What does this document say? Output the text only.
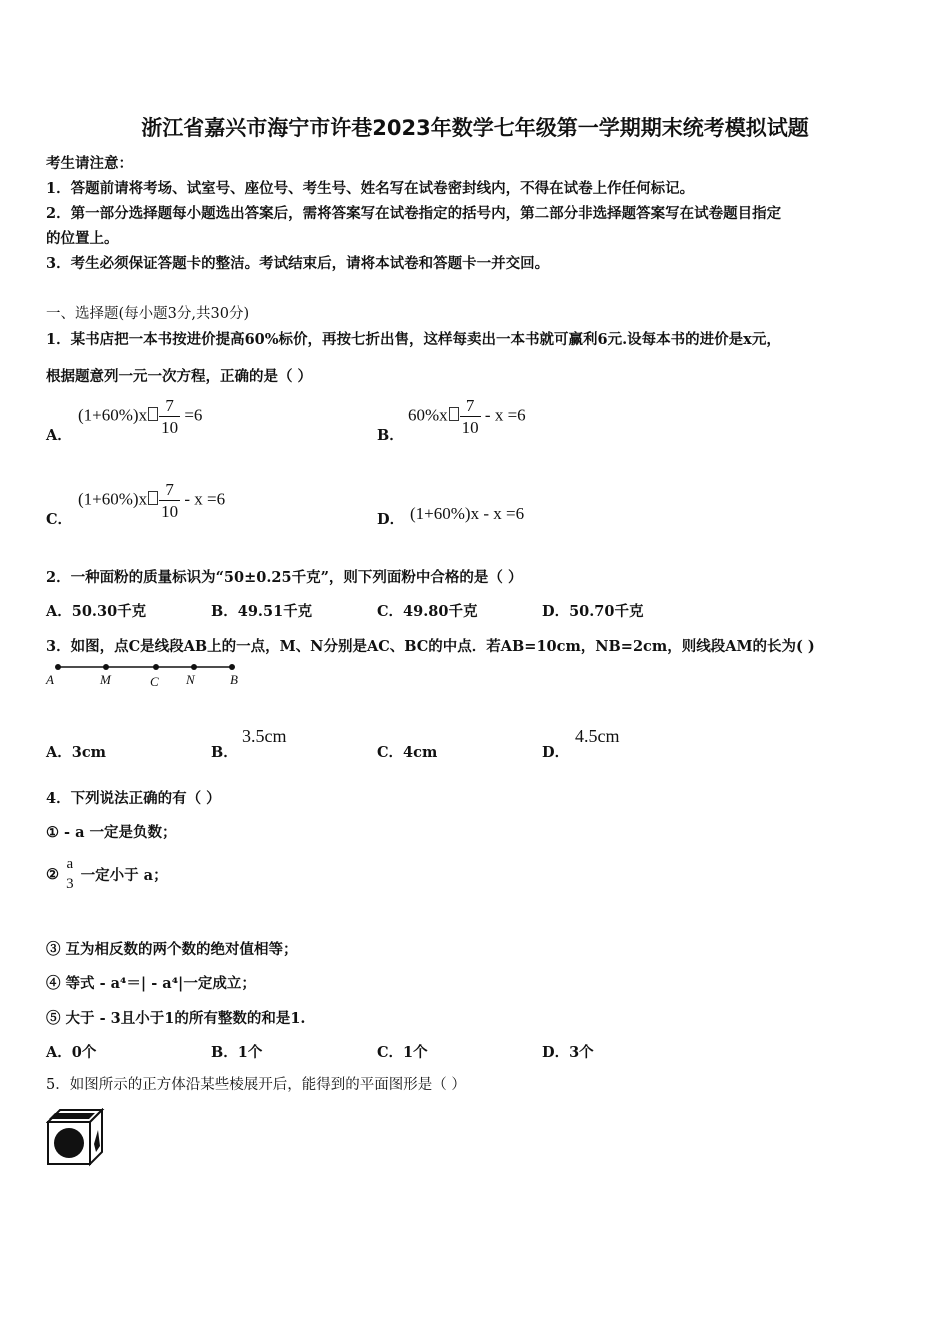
浙江省嘉兴市海宁市许巷2023年数学七年级第一学期期末统考模拟试题
考生请注意：
1．答题前请将考场、试室号、座位号、考生号、姓名写在试卷密封线内，不得在试卷上作任何标记。
2．第一部分选择题每小题选出答案后，需将答案写在试卷指定的括号内，第二部分非选择题答案写在试卷题目指定
的位置上。
3．考生必须保证答题卡的整洁。考试结束后，请将本试卷和答题卡一并交回。
一、选择题(每小题3分,共30分)
1．某书店把一本书按进价提高60%标价，再按七折出售，这样每卖出一本书就可赢利6元.设每本书的进价是x元，
根据题意列一元一次方程，正确的是（ ）
A．
$(1+60\%)x \frac{7}{10} =6$
B．
$60\%x \frac{7}{10} - x =6$
C．
$(1+60\%)x \frac{7}{10} - x =6$
D． (1+60%)x - x =6
2．一种面粉的质量标识为“50±0.25千克”，则下列面粉中合格的是（ ）
A．50.30千克	B．49.51千克	C．49.80千克	D．50.70千克
3．如图，点C是线段AB上的一点，M、N分别是AC、BC的中点．若AB=10cm，NB=2cm，则线段AM的长为( )
A	M	C N	B
A．3cm	B．
3.5cm
C．4cm	D．
4.5cm
4．下列说法正确的有（ ）
① - a 一定是负数；
②
a
3 一定小于 a；
③ 互为相反数的两个数的绝对值相等；
④ 等式 - a⁴＝| - a⁴|一定成立；
⑤ 大于 - 3且小于1的所有整数的和是1.
A．0个	B．1个	C．1个	D．3个
5．如图所示的正方体沿某些棱展开后，能得到的平面图形是（ ）
